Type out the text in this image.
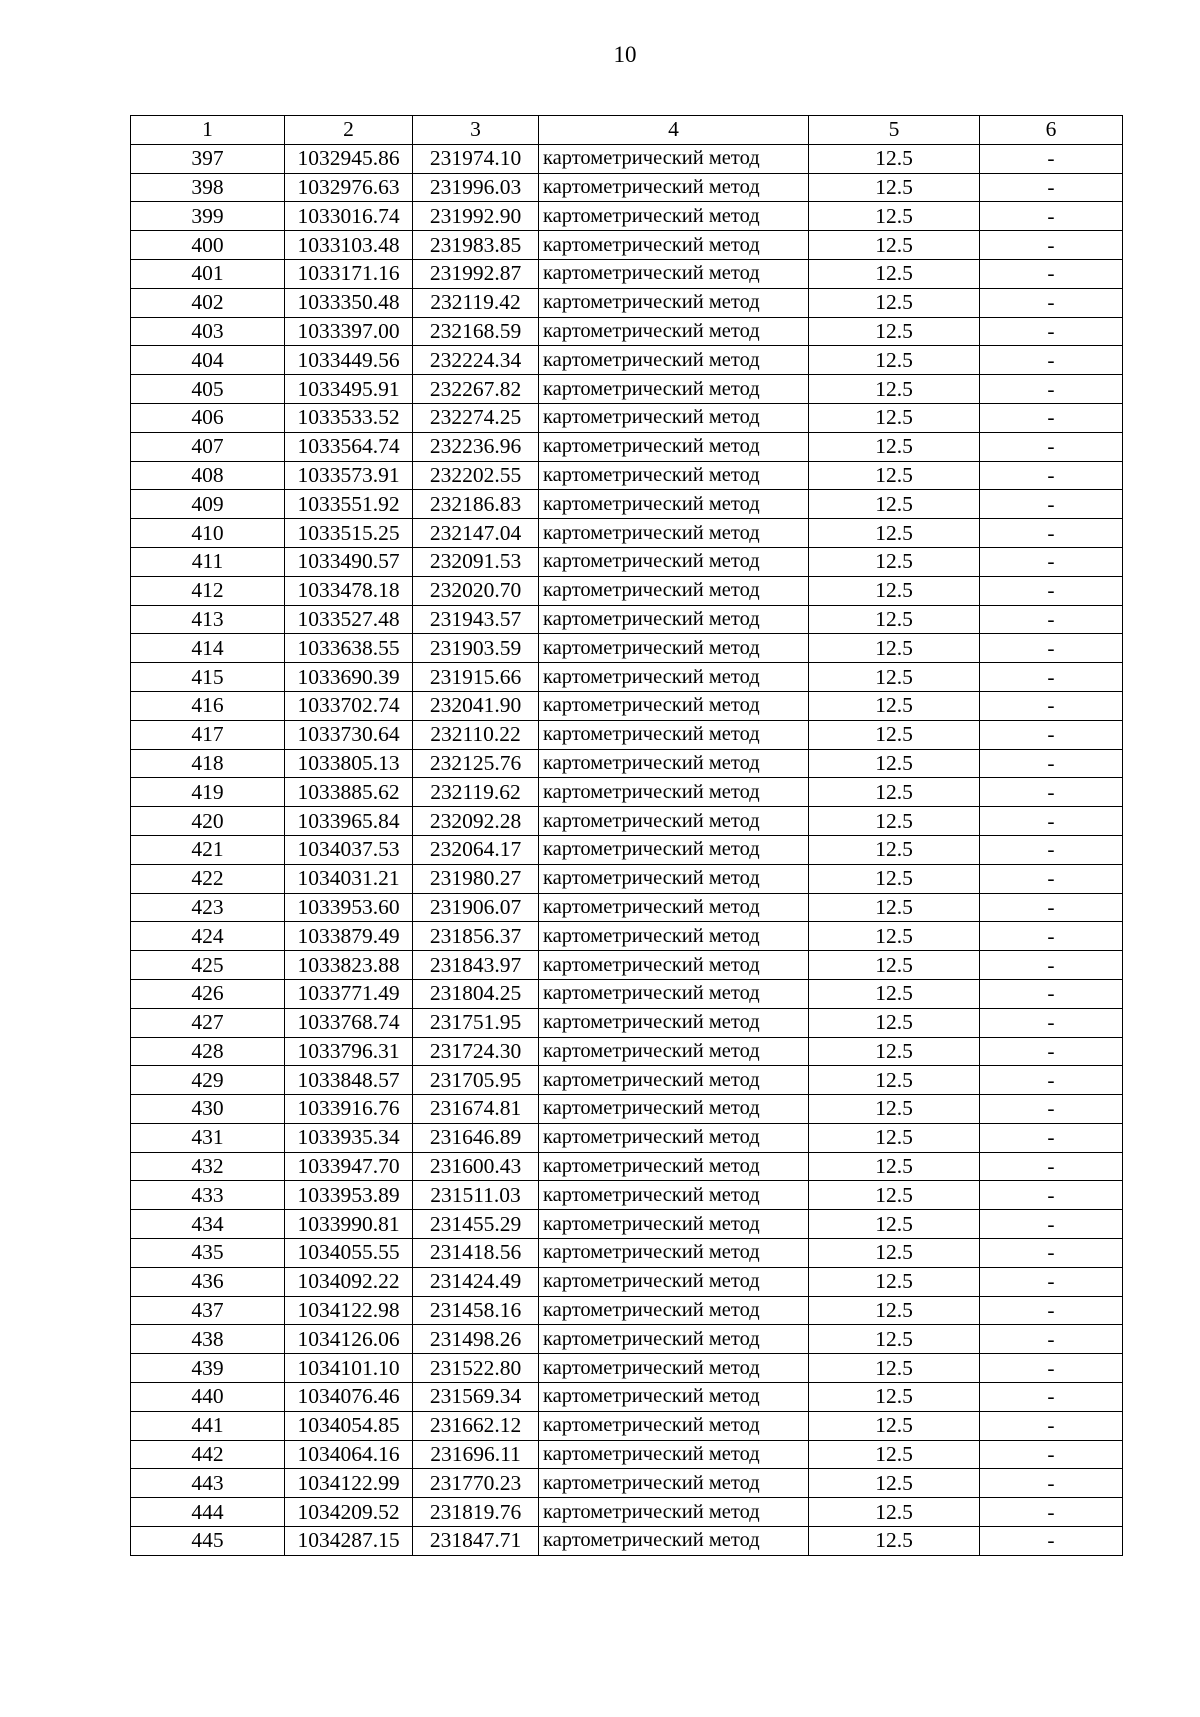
10
1	2	3	4	5	6
397	1032945.86	231974.10	картометрический метод	12.5	-
398	1032976.63	231996.03	картометрический метод	12.5	-
399	1033016.74	231992.90	картометрический метод	12.5	-
400	1033103.48	231983.85	картометрический метод	12.5	-
401	1033171.16	231992.87	картометрический метод	12.5	-
402	1033350.48	232119.42	картометрический метод	12.5	-
403	1033397.00	232168.59	картометрический метод	12.5	-
404	1033449.56	232224.34	картометрический метод	12.5	-
405	1033495.91	232267.82	картометрический метод	12.5	-
406	1033533.52	232274.25	картометрический метод	12.5	-
407	1033564.74	232236.96	картометрический метод	12.5	-
408	1033573.91	232202.55	картометрический метод	12.5	-
409	1033551.92	232186.83	картометрический метод	12.5	-
410	1033515.25	232147.04	картометрический метод	12.5	-
411	1033490.57	232091.53	картометрический метод	12.5	-
412	1033478.18	232020.70	картометрический метод	12.5	-
413	1033527.48	231943.57	картометрический метод	12.5	-
414	1033638.55	231903.59	картометрический метод	12.5	-
415	1033690.39	231915.66	картометрический метод	12.5	-
416	1033702.74	232041.90	картометрический метод	12.5	-
417	1033730.64	232110.22	картометрический метод	12.5	-
418	1033805.13	232125.76	картометрический метод	12.5	-
419	1033885.62	232119.62	картометрический метод	12.5	-
420	1033965.84	232092.28	картометрический метод	12.5	-
421	1034037.53	232064.17	картометрический метод	12.5	-
422	1034031.21	231980.27	картометрический метод	12.5	-
423	1033953.60	231906.07	картометрический метод	12.5	-
424	1033879.49	231856.37	картометрический метод	12.5	-
425	1033823.88	231843.97	картометрический метод	12.5	-
426	1033771.49	231804.25	картометрический метод	12.5	-
427	1033768.74	231751.95	картометрический метод	12.5	-
428	1033796.31	231724.30	картометрический метод	12.5	-
429	1033848.57	231705.95	картометрический метод	12.5	-
430	1033916.76	231674.81	картометрический метод	12.5	-
431	1033935.34	231646.89	картометрический метод	12.5	-
432	1033947.70	231600.43	картометрический метод	12.5	-
433	1033953.89	231511.03	картометрический метод	12.5	-
434	1033990.81	231455.29	картометрический метод	12.5	-
435	1034055.55	231418.56	картометрический метод	12.5	-
436	1034092.22	231424.49	картометрический метод	12.5	-
437	1034122.98	231458.16	картометрический метод	12.5	-
438	1034126.06	231498.26	картометрический метод	12.5	-
439	1034101.10	231522.80	картометрический метод	12.5	-
440	1034076.46	231569.34	картометрический метод	12.5	-
441	1034054.85	231662.12	картометрический метод	12.5	-
442	1034064.16	231696.11	картометрический метод	12.5	-
443	1034122.99	231770.23	картометрический метод	12.5	-
444	1034209.52	231819.76	картометрический метод	12.5	-
445	1034287.15	231847.71	картометрический метод	12.5	-
